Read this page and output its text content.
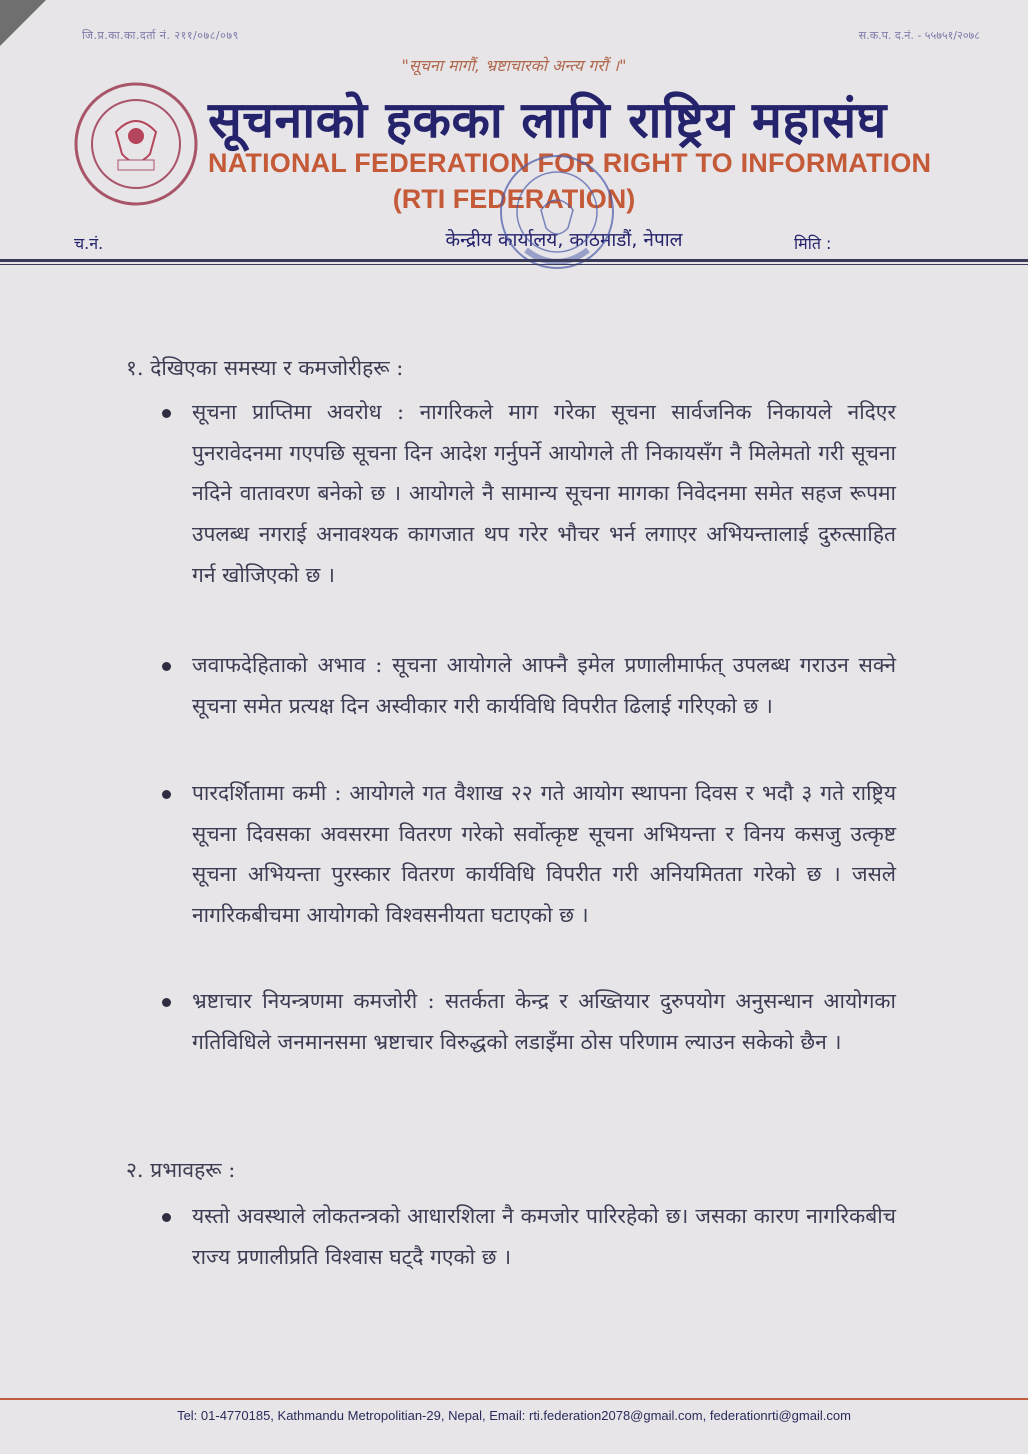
जि.प्र.का.का.दर्ता नं. २११/०७८/०७९	स.क.प. द.नं. - ५५७५१/२०७८
"सूचना मागौं, भ्रष्टाचारको अन्त्य गरौं ।"
सूचनाको हकका लागि राष्ट्रिय महासंघ
NATIONAL FEDERATION FOR RIGHT TO INFORMATION
(RTI FEDERATION)
च.नं.	केन्द्रीय कार्यालय, काठमाडौं, नेपाल	मिति :
१. देखिएका समस्या र कमजोरीहरू :
सूचना प्राप्तिमा अवरोध : नागरिकले माग गरेका सूचना सार्वजनिक निकायले नदिएर पुनरावेदनमा गएपछि सूचना दिन आदेश गर्नुपर्ने आयोगले ती निकायसँग नै मिलेमतो गरी सूचना नदिने वातावरण बनेको छ । आयोगले नै सामान्य सूचना मागका निवेदनमा समेत सहज रूपमा उपलब्ध नगराई अनावश्यक कागजात थप गरेर भौचर भर्न लगाएर अभियन्तालाई दुरुत्साहित गर्न खोजिएको छ ।
जवाफदेहिताको अभाव : सूचना आयोगले आफ्नै इमेल प्रणालीमार्फत् उपलब्ध गराउन सक्ने सूचना समेत प्रत्यक्ष दिन अस्वीकार गरी कार्यविधि विपरीत ढिलाई गरिएको छ ।
पारदर्शितामा कमी : आयोगले गत वैशाख २२ गते आयोग स्थापना दिवस र भदौ ३ गते राष्ट्रिय सूचना दिवसका अवसरमा वितरण गरेको सर्वोत्कृष्ट सूचना अभियन्ता र विनय कसजु उत्कृष्ट सूचना अभियन्ता पुरस्कार वितरण कार्यविधि विपरीत गरी अनियमितता गरेको छ । जसले नागरिकबीचमा आयोगको विश्वसनीयता घटाएको छ ।
भ्रष्टाचार नियन्त्रणमा कमजोरी : सतर्कता केन्द्र र अख्तियार दुरुपयोग अनुसन्धान आयोगका गतिविधिले जनमानसमा भ्रष्टाचार विरुद्धको लडाइँमा ठोस परिणाम ल्याउन सकेको छैन ।
२. प्रभावहरू :
यस्तो अवस्थाले लोकतन्त्रको आधारशिला नै कमजोर पारिरहेको छ। जसका कारण नागरिकबीच राज्य प्रणालीप्रति विश्वास घट्दै गएको छ ।
Tel: 01-4770185, Kathmandu Metropolitian-29, Nepal, Email: rti.federation2078@gmail.com, federationrti@gmail.com
